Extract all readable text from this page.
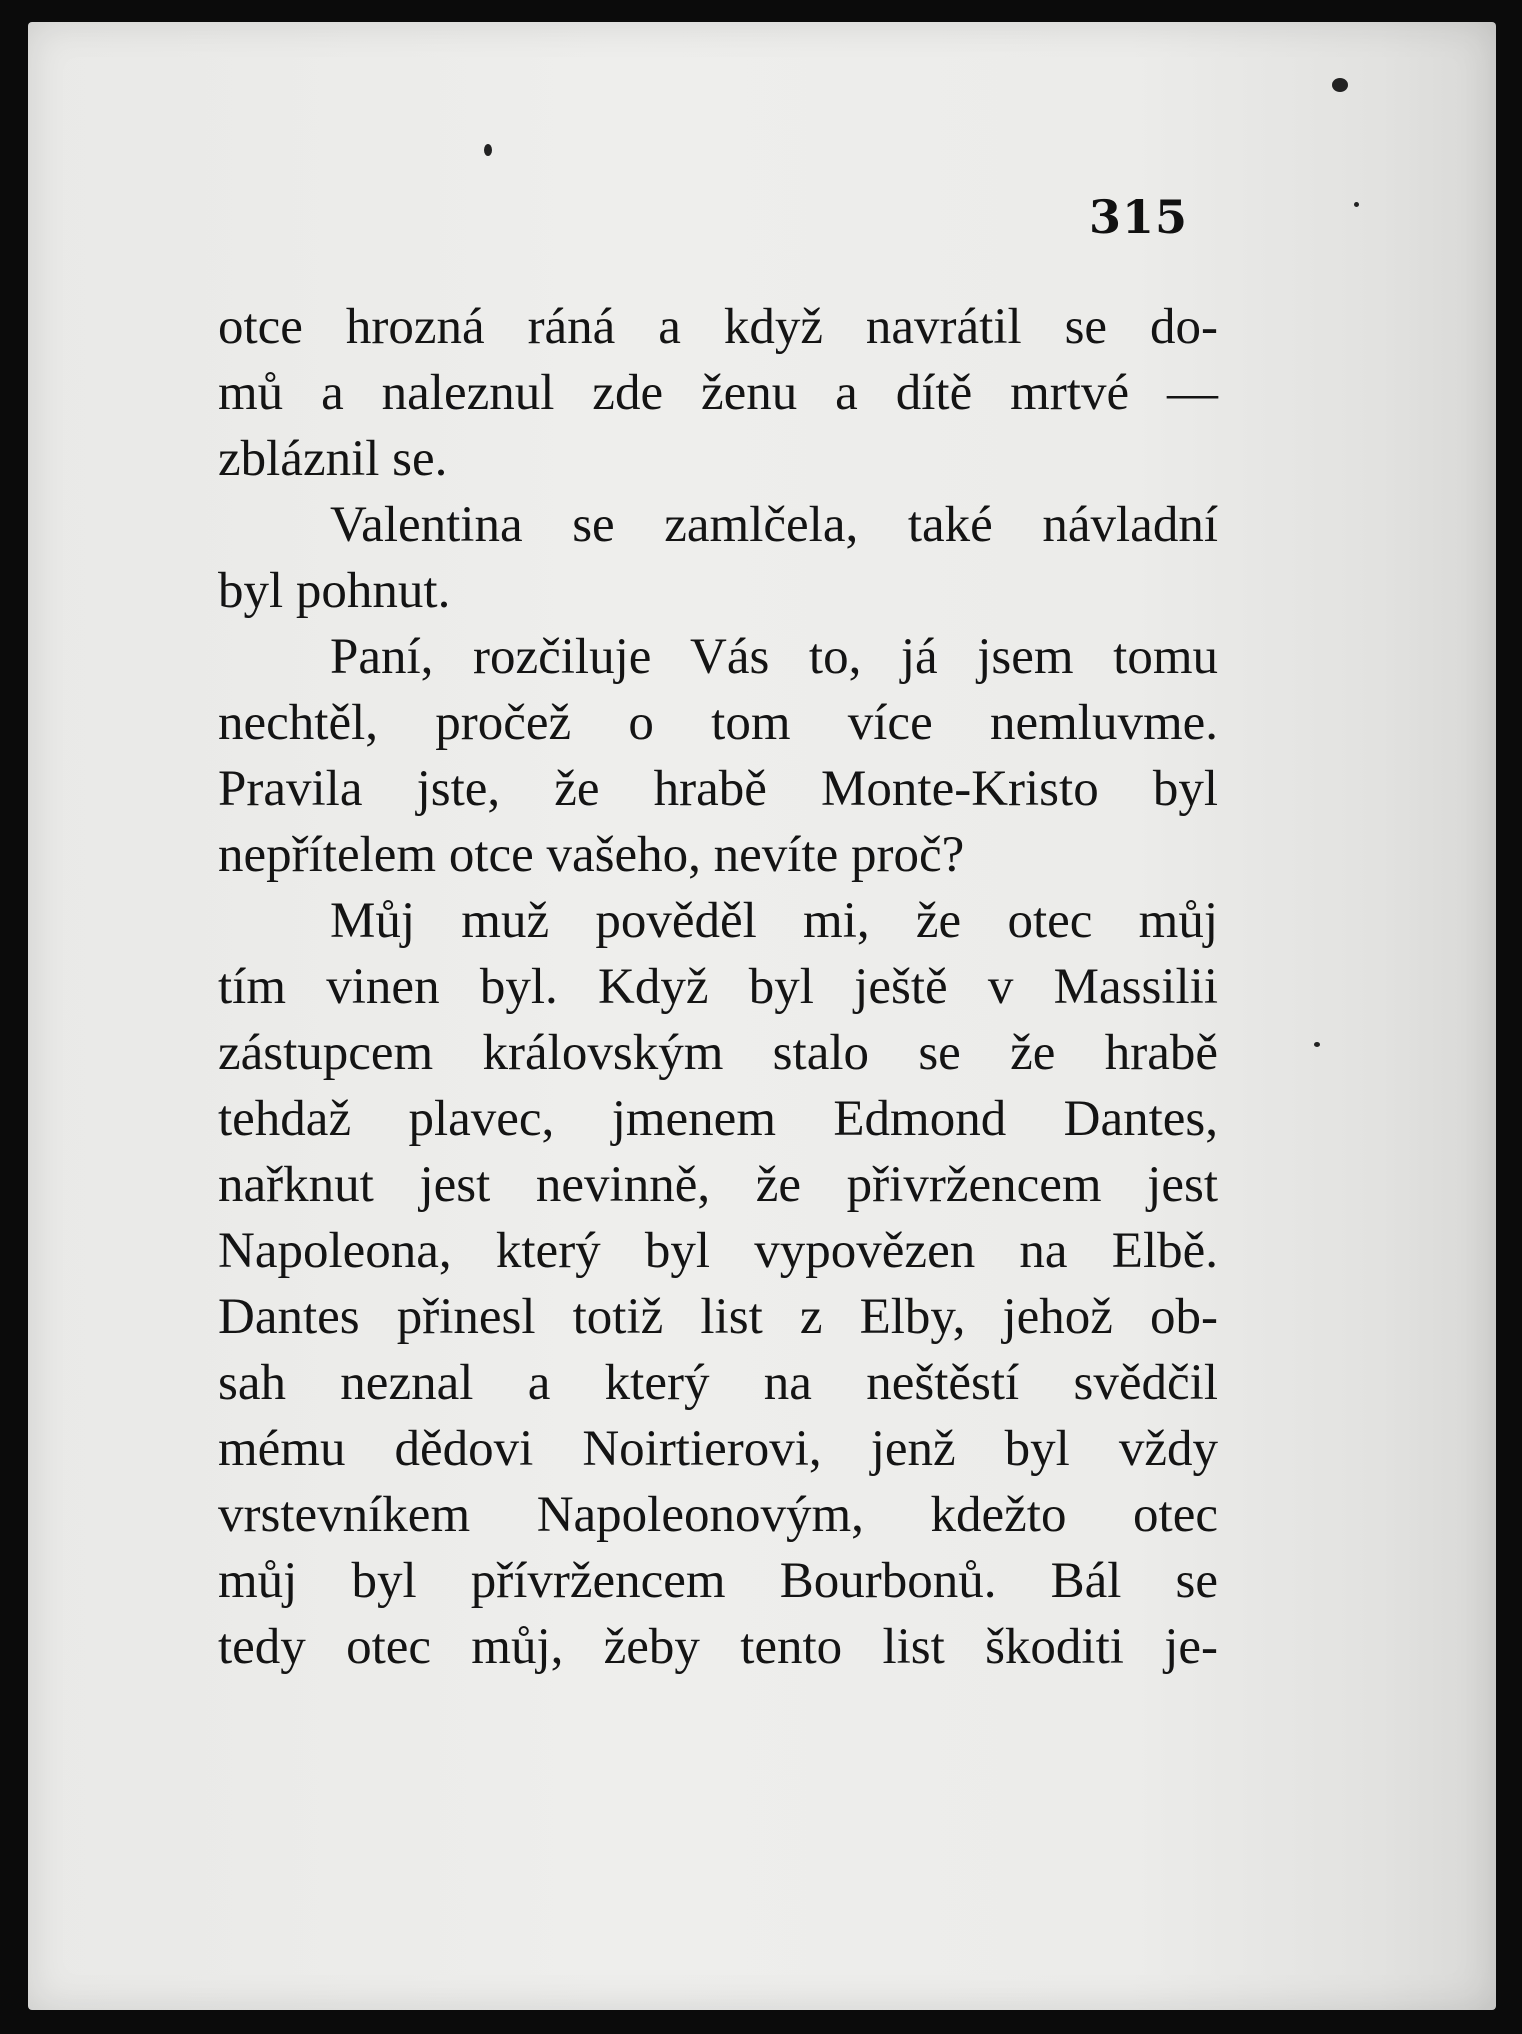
315
otce hrozná ráná a když navrátil se do-
mů a naleznul zde ženu a dítě mrtvé —
zbláznil se.
Valentina se zamlčela, také návladní
byl pohnut.
Paní, rozčiluje Vás to, já jsem tomu
nechtěl, pročež o tom více nemluvme.
Pravila jste, že hrabě Monte-Kristo byl
nepřítelem otce vašeho, nevíte proč?
Můj muž pověděl mi, že otec můj
tím vinen byl. Když byl ještě v Massilii
zástupcem královským stalo se že hrabě
tehdaž plavec, jmenem Edmond Dantes,
nařknut jest nevinně, že přivržencem jest
Napoleona, který byl vypovězen na Elbě.
Dantes přinesl totiž list z Elby, jehož ob-
sah neznal a který na neštěstí svědčil
mému dědovi Noirtierovi, jenž byl vždy
vrstevníkem Napoleonovým, kdežto otec
můj byl přívržencem Bourbonů. Bál se
tedy otec můj, žeby tento list škoditi je-
